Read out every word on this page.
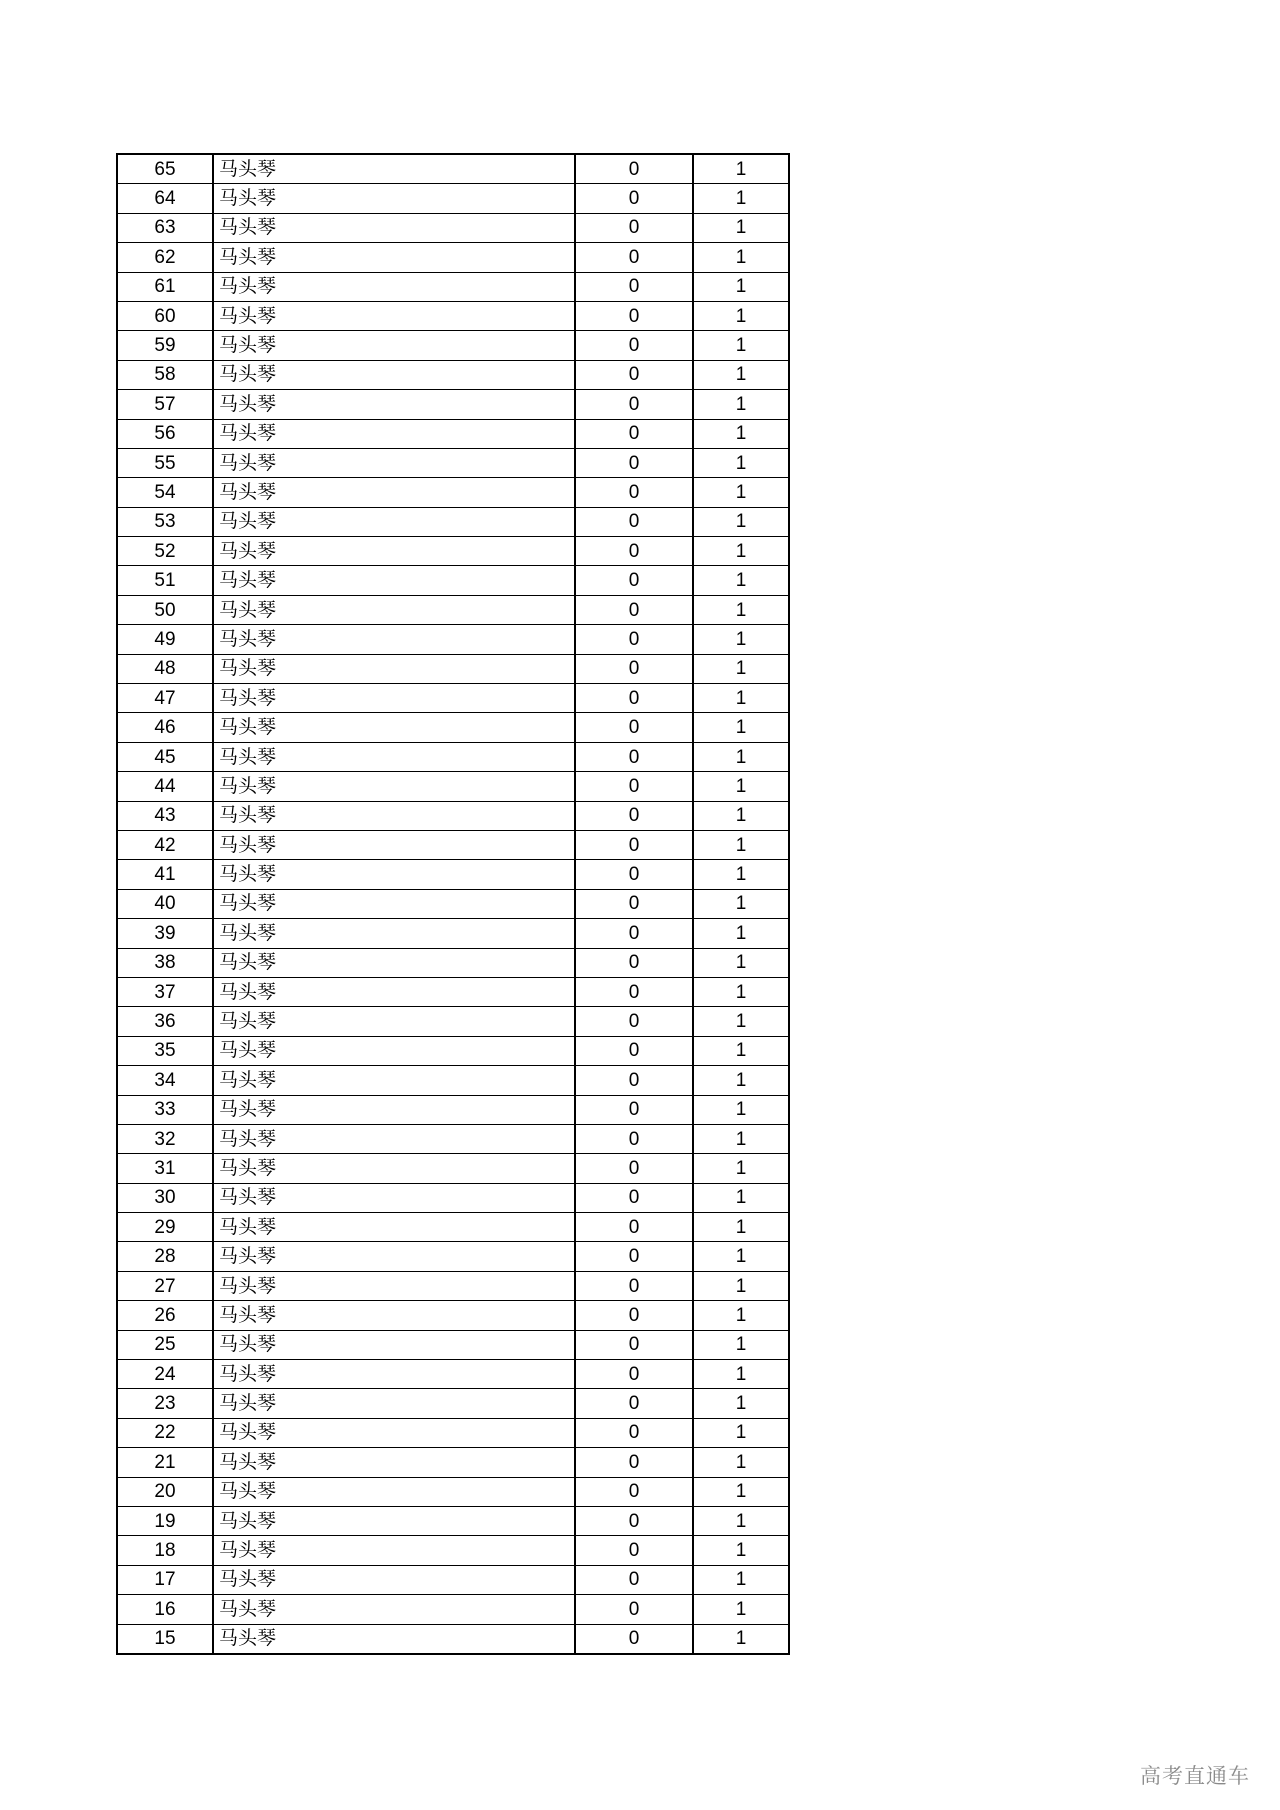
65	马头琴	0	1
64	马头琴	0	1
63	马头琴	0	1
62	马头琴	0	1
61	马头琴	0	1
60	马头琴	0	1
59	马头琴	0	1
58	马头琴	0	1
57	马头琴	0	1
56	马头琴	0	1
55	马头琴	0	1
54	马头琴	0	1
53	马头琴	0	1
52	马头琴	0	1
51	马头琴	0	1
50	马头琴	0	1
49	马头琴	0	1
48	马头琴	0	1
47	马头琴	0	1
46	马头琴	0	1
45	马头琴	0	1
44	马头琴	0	1
43	马头琴	0	1
42	马头琴	0	1
41	马头琴	0	1
40	马头琴	0	1
39	马头琴	0	1
38	马头琴	0	1
37	马头琴	0	1
36	马头琴	0	1
35	马头琴	0	1
34	马头琴	0	1
33	马头琴	0	1
32	马头琴	0	1
31	马头琴	0	1
30	马头琴	0	1
29	马头琴	0	1
28	马头琴	0	1
27	马头琴	0	1
26	马头琴	0	1
25	马头琴	0	1
24	马头琴	0	1
23	马头琴	0	1
22	马头琴	0	1
21	马头琴	0	1
20	马头琴	0	1
19	马头琴	0	1
18	马头琴	0	1
17	马头琴	0	1
16	马头琴	0	1
15	马头琴	0	1
高考直通车
